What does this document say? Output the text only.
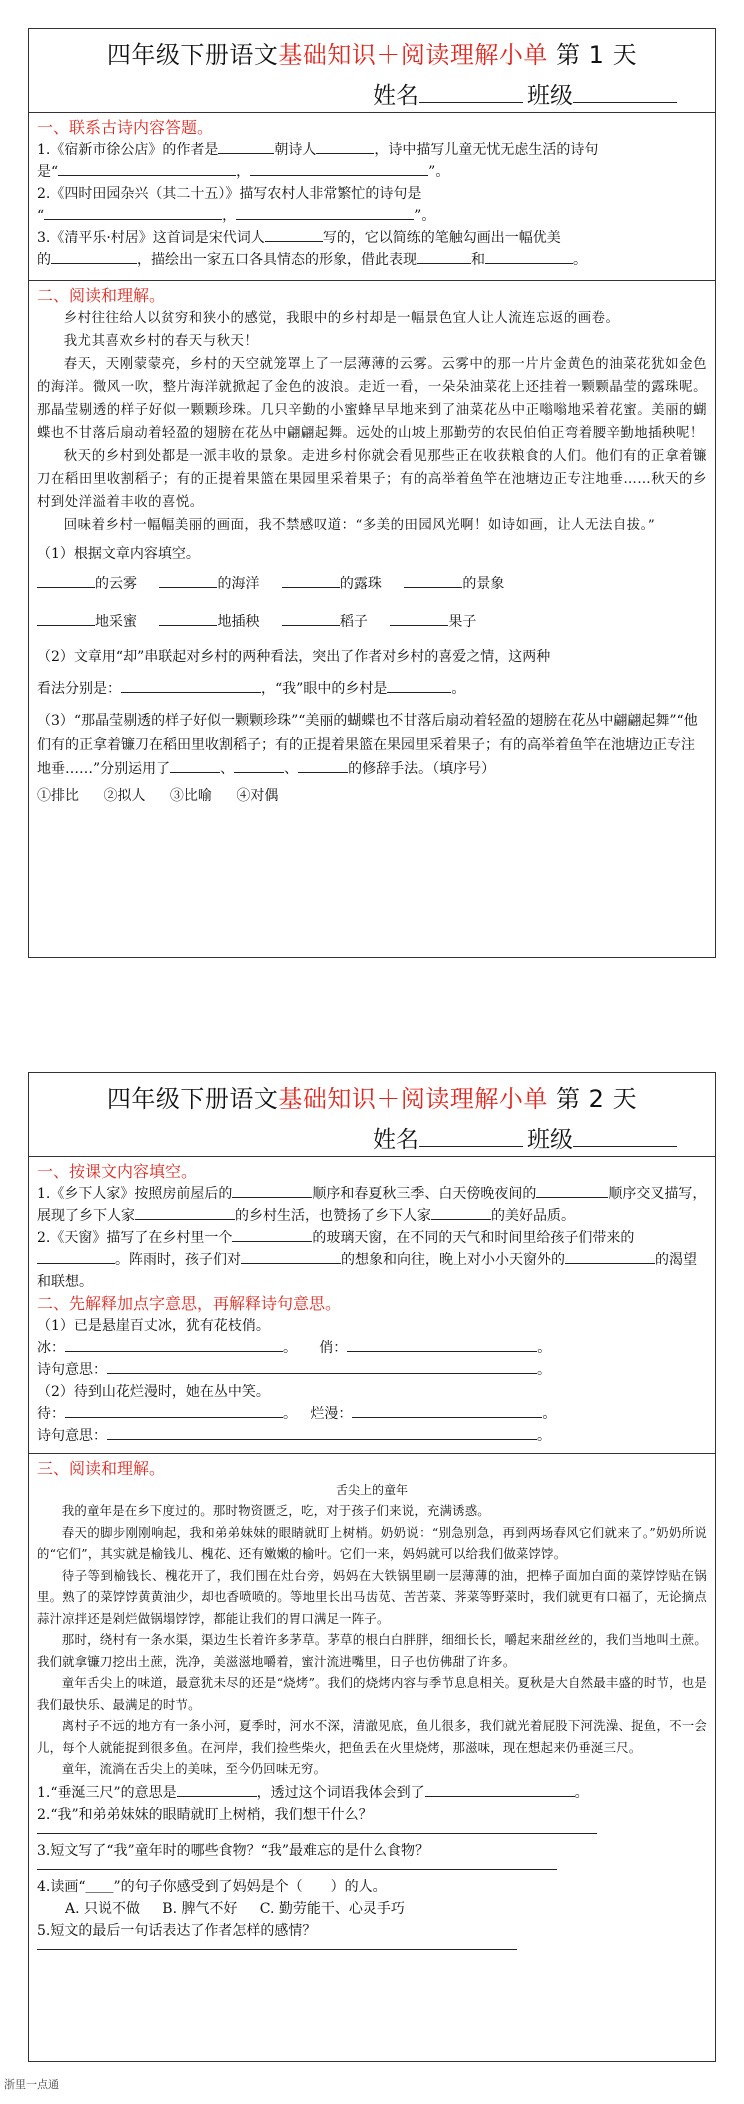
四年级下册语文基础知识＋阅读理解小单 第 1 天
姓名	班级
一、联系古诗内容答题。
1.《宿新市徐公店》的作者是	朝诗人	，诗中描写儿童无忧无虑生活的诗句
是“	，	”。
2.《四时田园杂兴（其二十五）》描写农村人非常繁忙的诗句是
“	，	”。
3.《清平乐·村居》这首词是宋代词人	写的，它以简练的笔触勾画出一幅优美
的	，描绘出一家五口各具情态的形象，借此表现	和	。
二、阅读和理解。

乡村往往给人以贫穷和狭小的感觉，我眼中的乡村却是一幅景色宜人让人流连忘返的画卷。

我尤其喜欢乡村的春天与秋天！

春天，天刚蒙蒙亮，乡村的天空就笼罩上了一层薄薄的云雾。云雾中的那一片片金黄色的油菜花犹如金色的海洋。微风一吹，整片海洋就掀起了金色的波浪。走近一看，一朵朵油菜花上还挂着一颗颗晶莹的露珠呢。那晶莹剔透的样子好似一颗颗珍珠。几只辛勤的小蜜蜂早早地来到了油菜花丛中正嗡嗡地采着花蜜。美丽的蝴蝶也不甘落后扇动着轻盈的翅膀在花丛中翩翩起舞。远处的山坡上那勤劳的农民伯伯正弯着腰辛勤地插秧呢！

秋天的乡村到处都是一派丰收的景象。走进乡村你就会看见那些正在收获粮食的人们。他们有的正拿着镰刀在稻田里收割稻子；有的正提着果篮在果园里采着果子；有的高举着鱼竿在池塘边正专注地垂……秋天的乡村到处洋溢着丰收的喜悦。

回味着乡村一幅幅美丽的画面，我不禁感叹道：“多美的田园风光啊！如诗如画，让人无法自拔。”

（1）根据文章内容填空。
的云雾	的海洋	的露珠	的景象
地采蜜	地插秧	稻子	果子
（2）文章用“却”串联起对乡村的两种看法，突出了作者对乡村的喜爱之情，这两种
看法分别是：	，“我”眼中的乡村是	。
（3）“那晶莹剔透的样子好似一颗颗珍珠”“美丽的蝴蝶也不甘落后扇动着轻盈的翅膀在花丛中翩翩起舞”“他们有的正拿着镰刀在稻田里收割稻子；有的正提着果篮在果园里采着果子；有的高举着鱼竿在池塘边正专注地垂……”分别运用了	、	、	的修辞手法。（填序号）
①排比 ②拟人 ③比喻 ④对偶
四年级下册语文基础知识＋阅读理解小单 第 2 天
姓名	班级
一、按课文内容填空。
1.《乡下人家》按照房前屋后的	顺序和春夏秋三季、白天傍晚夜间的	顺序交叉描写，展现了乡下人家	的乡村生活，也赞扬了乡下人家	的美好品质。
2.《天窗》描写了在乡村里一个	的玻璃天窗，在不同的天气和时间里给孩子们带来的。阵雨时，孩子们对	的想象和向往，晚上对小小天窗外的	的渴望和联想。
二、先解释加点字意思，再解释诗句意思。
（1）已是悬崖百丈冰，犹有花枝俏。
冰：	。 俏：	。
诗句意思：	。
（2）待到山花烂漫时，她在丛中笑。
待：	。 烂漫：	。
诗句意思：	。
三、阅读和理解。
舌尖上的童年

我的童年是在乡下度过的。那时物资匮乏，吃，对于孩子们来说，充满诱惑。

春天的脚步刚刚响起，我和弟弟妹妹的眼睛就盯上树梢。奶奶说：“别急别急，再到两场春风它们就来了。”奶奶所说的“它们”，其实就是榆钱儿、槐花、还有嫩嫩的榆叶。它们一来，妈妈就可以给我们做菜饽饽。

待子等到榆钱长、槐花开了，我们围在灶台旁，妈妈在大铁锅里刷一层薄薄的油，把棒子面加白面的菜饽饽贴在锅里。熟了的菜饽饽黄黄油少，却也香喷喷的。等地里长出马齿苋、苦苦菜、荠菜等野菜时，我们就更有口福了，无论摘点蒜汁凉拌还是剁烂做锅塌饽饽，都能让我们的胃口满足一阵子。

那时，绕村有一条水渠，渠边生长着许多茅草。茅草的根白白胖胖，细细长长，嚼起来甜丝丝的，我们当地叫土蔗。我们就拿镰刀挖出土蔗，洗净，美滋滋地嚼着，蜜汁流进嘴里，日子也仿佛甜了许多。

童年舌尖上的味道，最意犹未尽的还是“烧烤”。我们的烧烤内容与季节息息相关。夏秋是大自然最丰盛的时节，也是我们最快乐、最满足的时节。

离村子不远的地方有一条小河，夏季时，河水不深，清澈见底，鱼儿很多，我们就光着屁股下河洗澡、捉鱼，不一会儿，每个人就能捉到很多鱼。在河岸，我们捡些柴火，把鱼丢在火里烧烤，那滋味，现在想起来仍垂涎三尺。

童年，流淌在舌尖上的美味，至今仍回味无穷。

1.“垂涎三尺”的意思是	，透过这个词语我体会到了	。
2.“我”和弟弟妹妹的眼睛就盯上树梢，我们想干什么？
3.短文写了“我”童年时的哪些食物？“我”最难忘的是什么食物？
4.读画“＿＿”的句子你感受到了妈妈是个（　　）的人。
A. 只说不做 B. 脾气不好 C. 勤劳能干、心灵手巧
5.短文的最后一句话表达了作者怎样的感情？
浙里一点通
